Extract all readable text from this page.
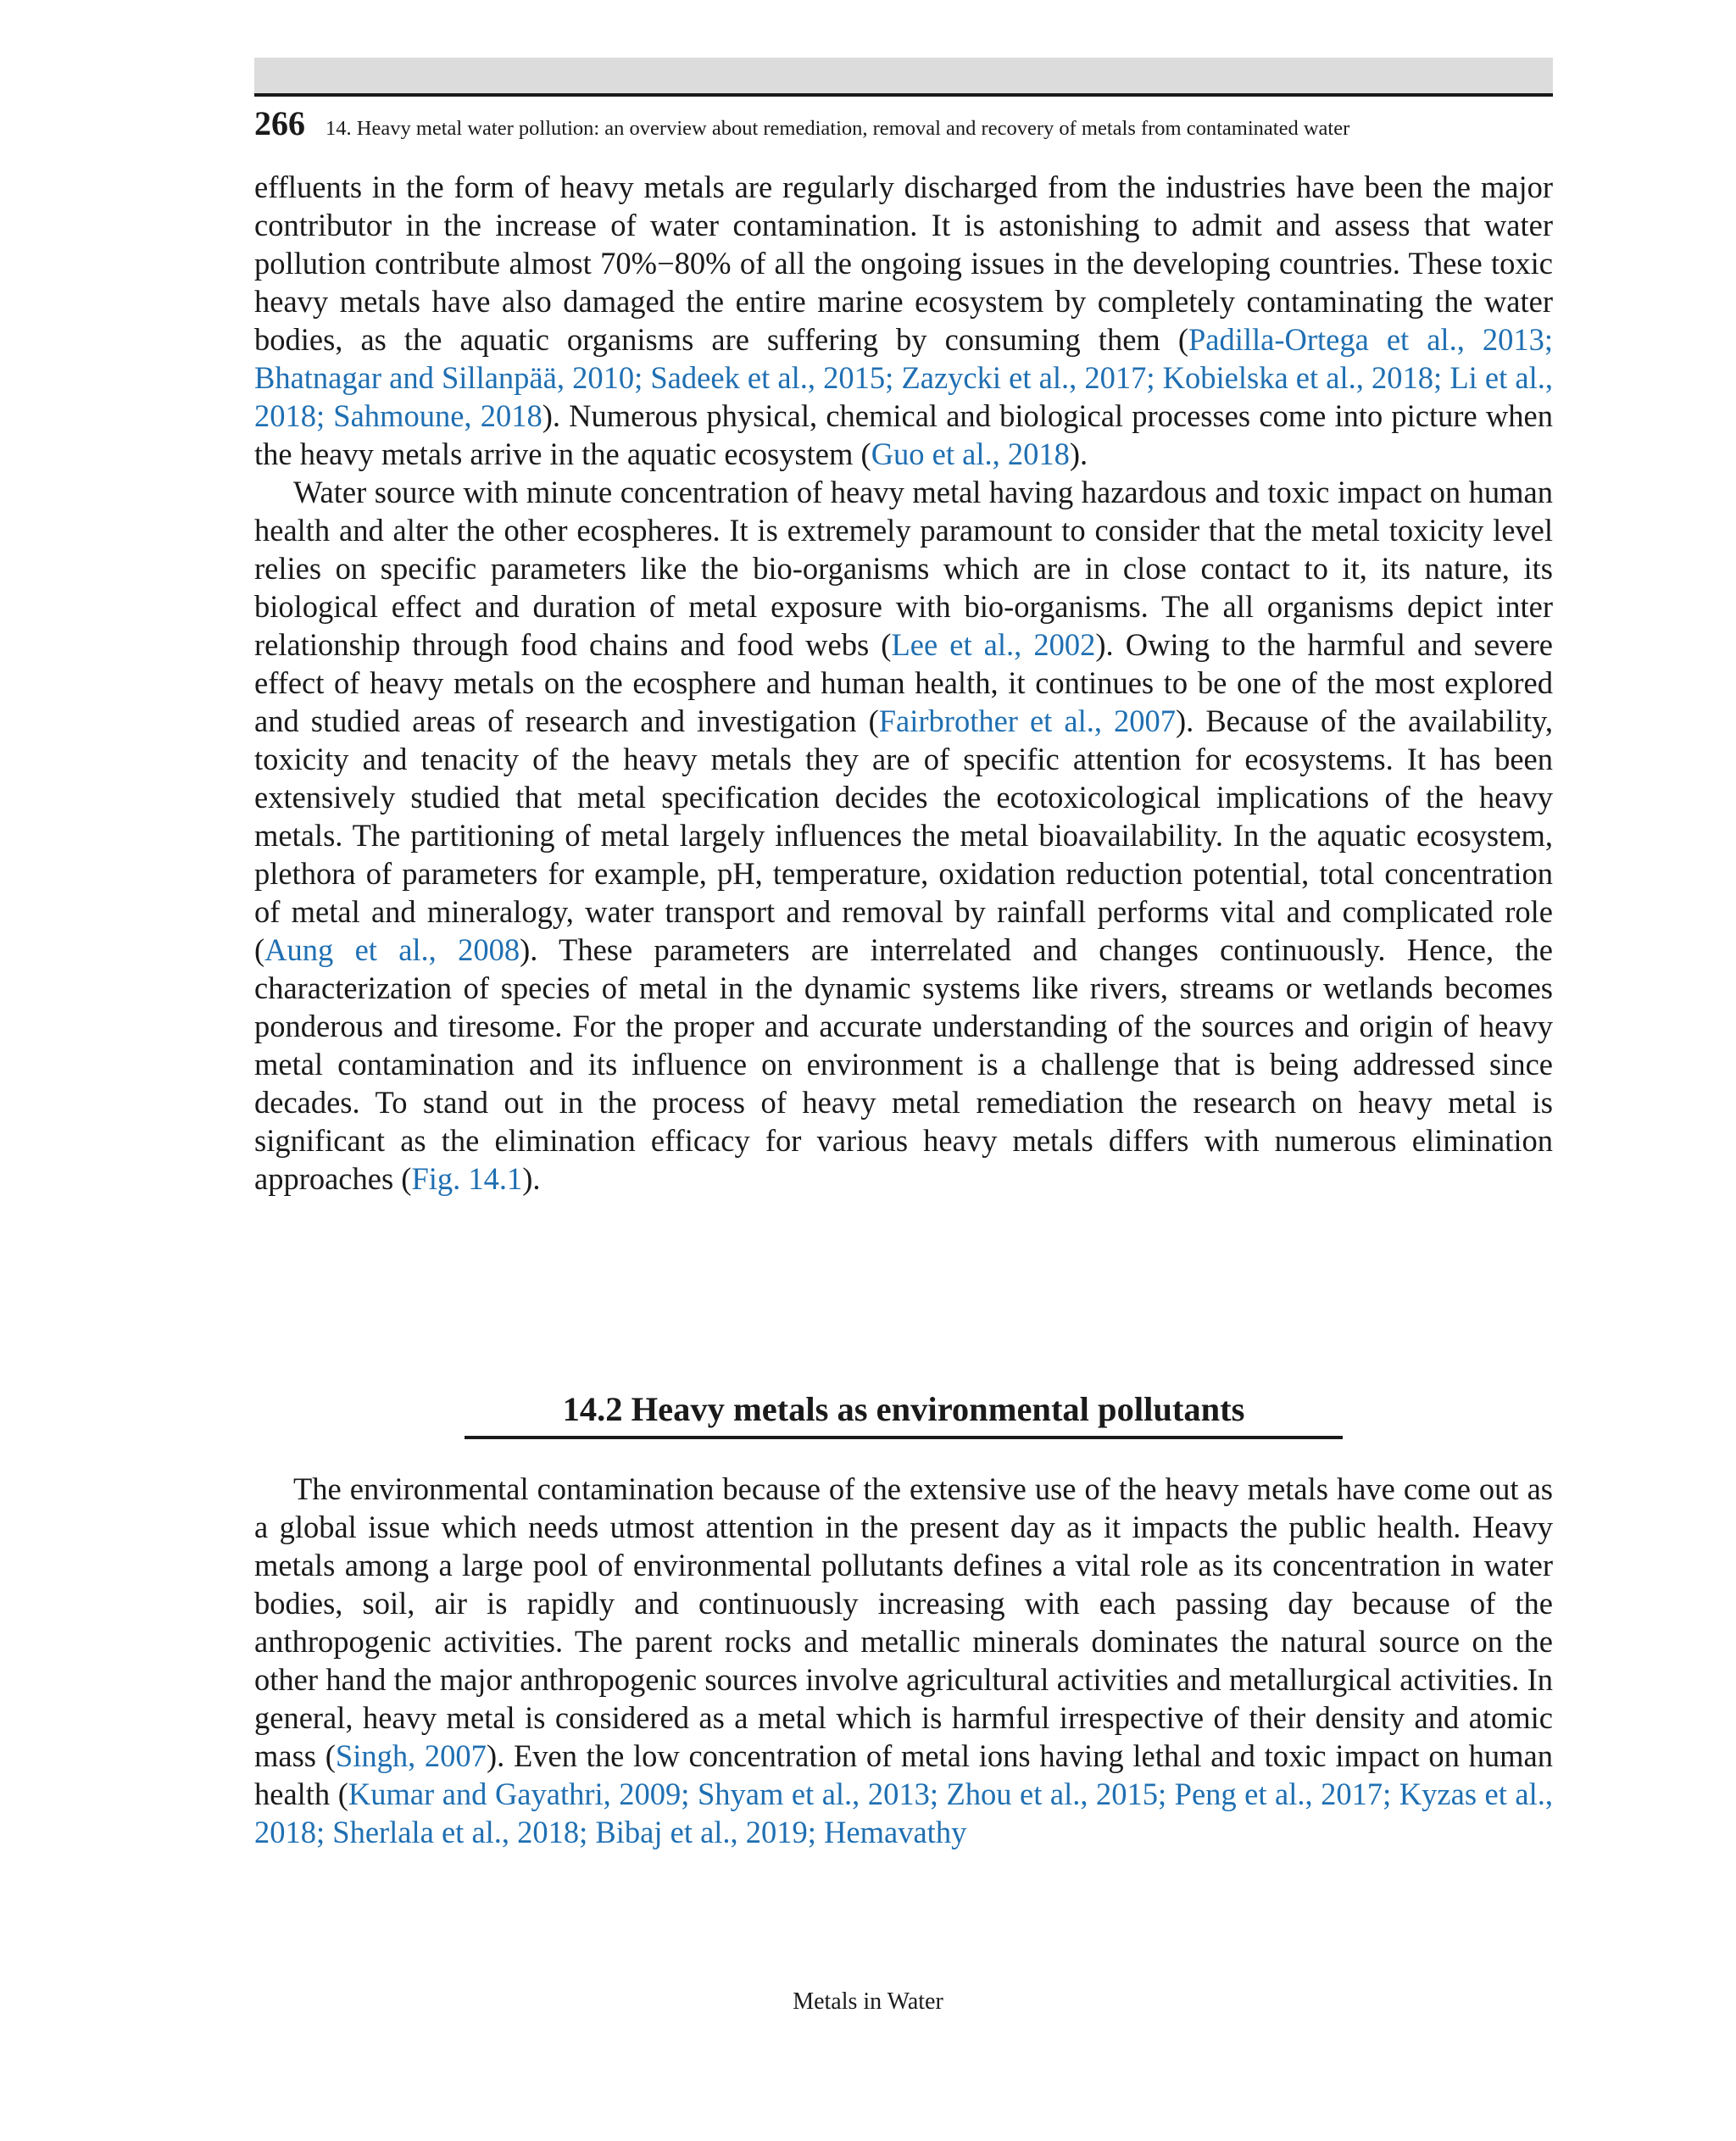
266 14. Heavy metal water pollution: an overview about remediation, removal and recovery of metals from contaminated water

effluents in the form of heavy metals are regularly discharged from the industries have been the major contributor in the increase of water contamination. It is astonishing to admit and assess that water pollution contribute almost 70%−80% of all the ongoing issues in the developing countries. These toxic heavy metals have also damaged the entire marine ecosystem by completely contaminating the water bodies, as the aquatic organisms are suffering by consuming them (Padilla-Ortega et al., 2013; Bhatnagar and Sillanpää, 2010; Sadeek et al., 2015; Zazycki et al., 2017; Kobielska et al., 2018; Li et al., 2018; Sahmoune, 2018). Numerous physical, chemical and biological processes come into picture when the heavy metals arrive in the aquatic ecosystem (Guo et al., 2018).

Water source with minute concentration of heavy metal having hazardous and toxic impact on human health and alter the other ecospheres. It is extremely paramount to consider that the metal toxicity level relies on specific parameters like the bio-organisms which are in close contact to it, its nature, its biological effect and duration of metal exposure with bio-organisms. The all organisms depict inter relationship through food chains and food webs (Lee et al., 2002). Owing to the harmful and severe effect of heavy metals on the ecosphere and human health, it continues to be one of the most explored and studied areas of research and investigation (Fairbrother et al., 2007). Because of the availability, toxicity and tenacity of the heavy metals they are of specific attention for ecosystems. It has been extensively studied that metal specification decides the ecotoxicological implications of the heavy metals. The partitioning of metal largely influences the metal bioavailability. In the aquatic ecosystem, plethora of parameters for example, pH, temperature, oxidation reduction potential, total concentration of metal and mineralogy, water transport and removal by rainfall performs vital and complicated role (Aung et al., 2008). These parameters are interrelated and changes continuously. Hence, the characterization of species of metal in the dynamic systems like rivers, streams or wetlands becomes ponderous and tiresome. For the proper and accurate understanding of the sources and origin of heavy metal contamination and its influence on environment is a challenge that is being addressed since decades. To stand out in the process of heavy metal remediation the research on heavy metal is significant as the elimination efficacy for various heavy metals differs with numerous elimination approaches (Fig. 14.1).

14.2 Heavy metals as environmental pollutants

The environmental contamination because of the extensive use of the heavy metals have come out as a global issue which needs utmost attention in the present day as it impacts the public health. Heavy metals among a large pool of environmental pollutants defines a vital role as its concentration in water bodies, soil, air is rapidly and continuously increasing with each passing day because of the anthropogenic activities. The parent rocks and metallic minerals dominates the natural source on the other hand the major anthropogenic sources involve agricultural activities and metallurgical activities. In general, heavy metal is considered as a metal which is harmful irrespective of their density and atomic mass (Singh, 2007). Even the low concentration of metal ions having lethal and toxic impact on human health (Kumar and Gayathri, 2009; Shyam et al., 2013; Zhou et al., 2015; Peng et al., 2017; Kyzas et al., 2018; Sherlala et al., 2018; Bibaj et al., 2019; Hemavathy

Metals in Water
